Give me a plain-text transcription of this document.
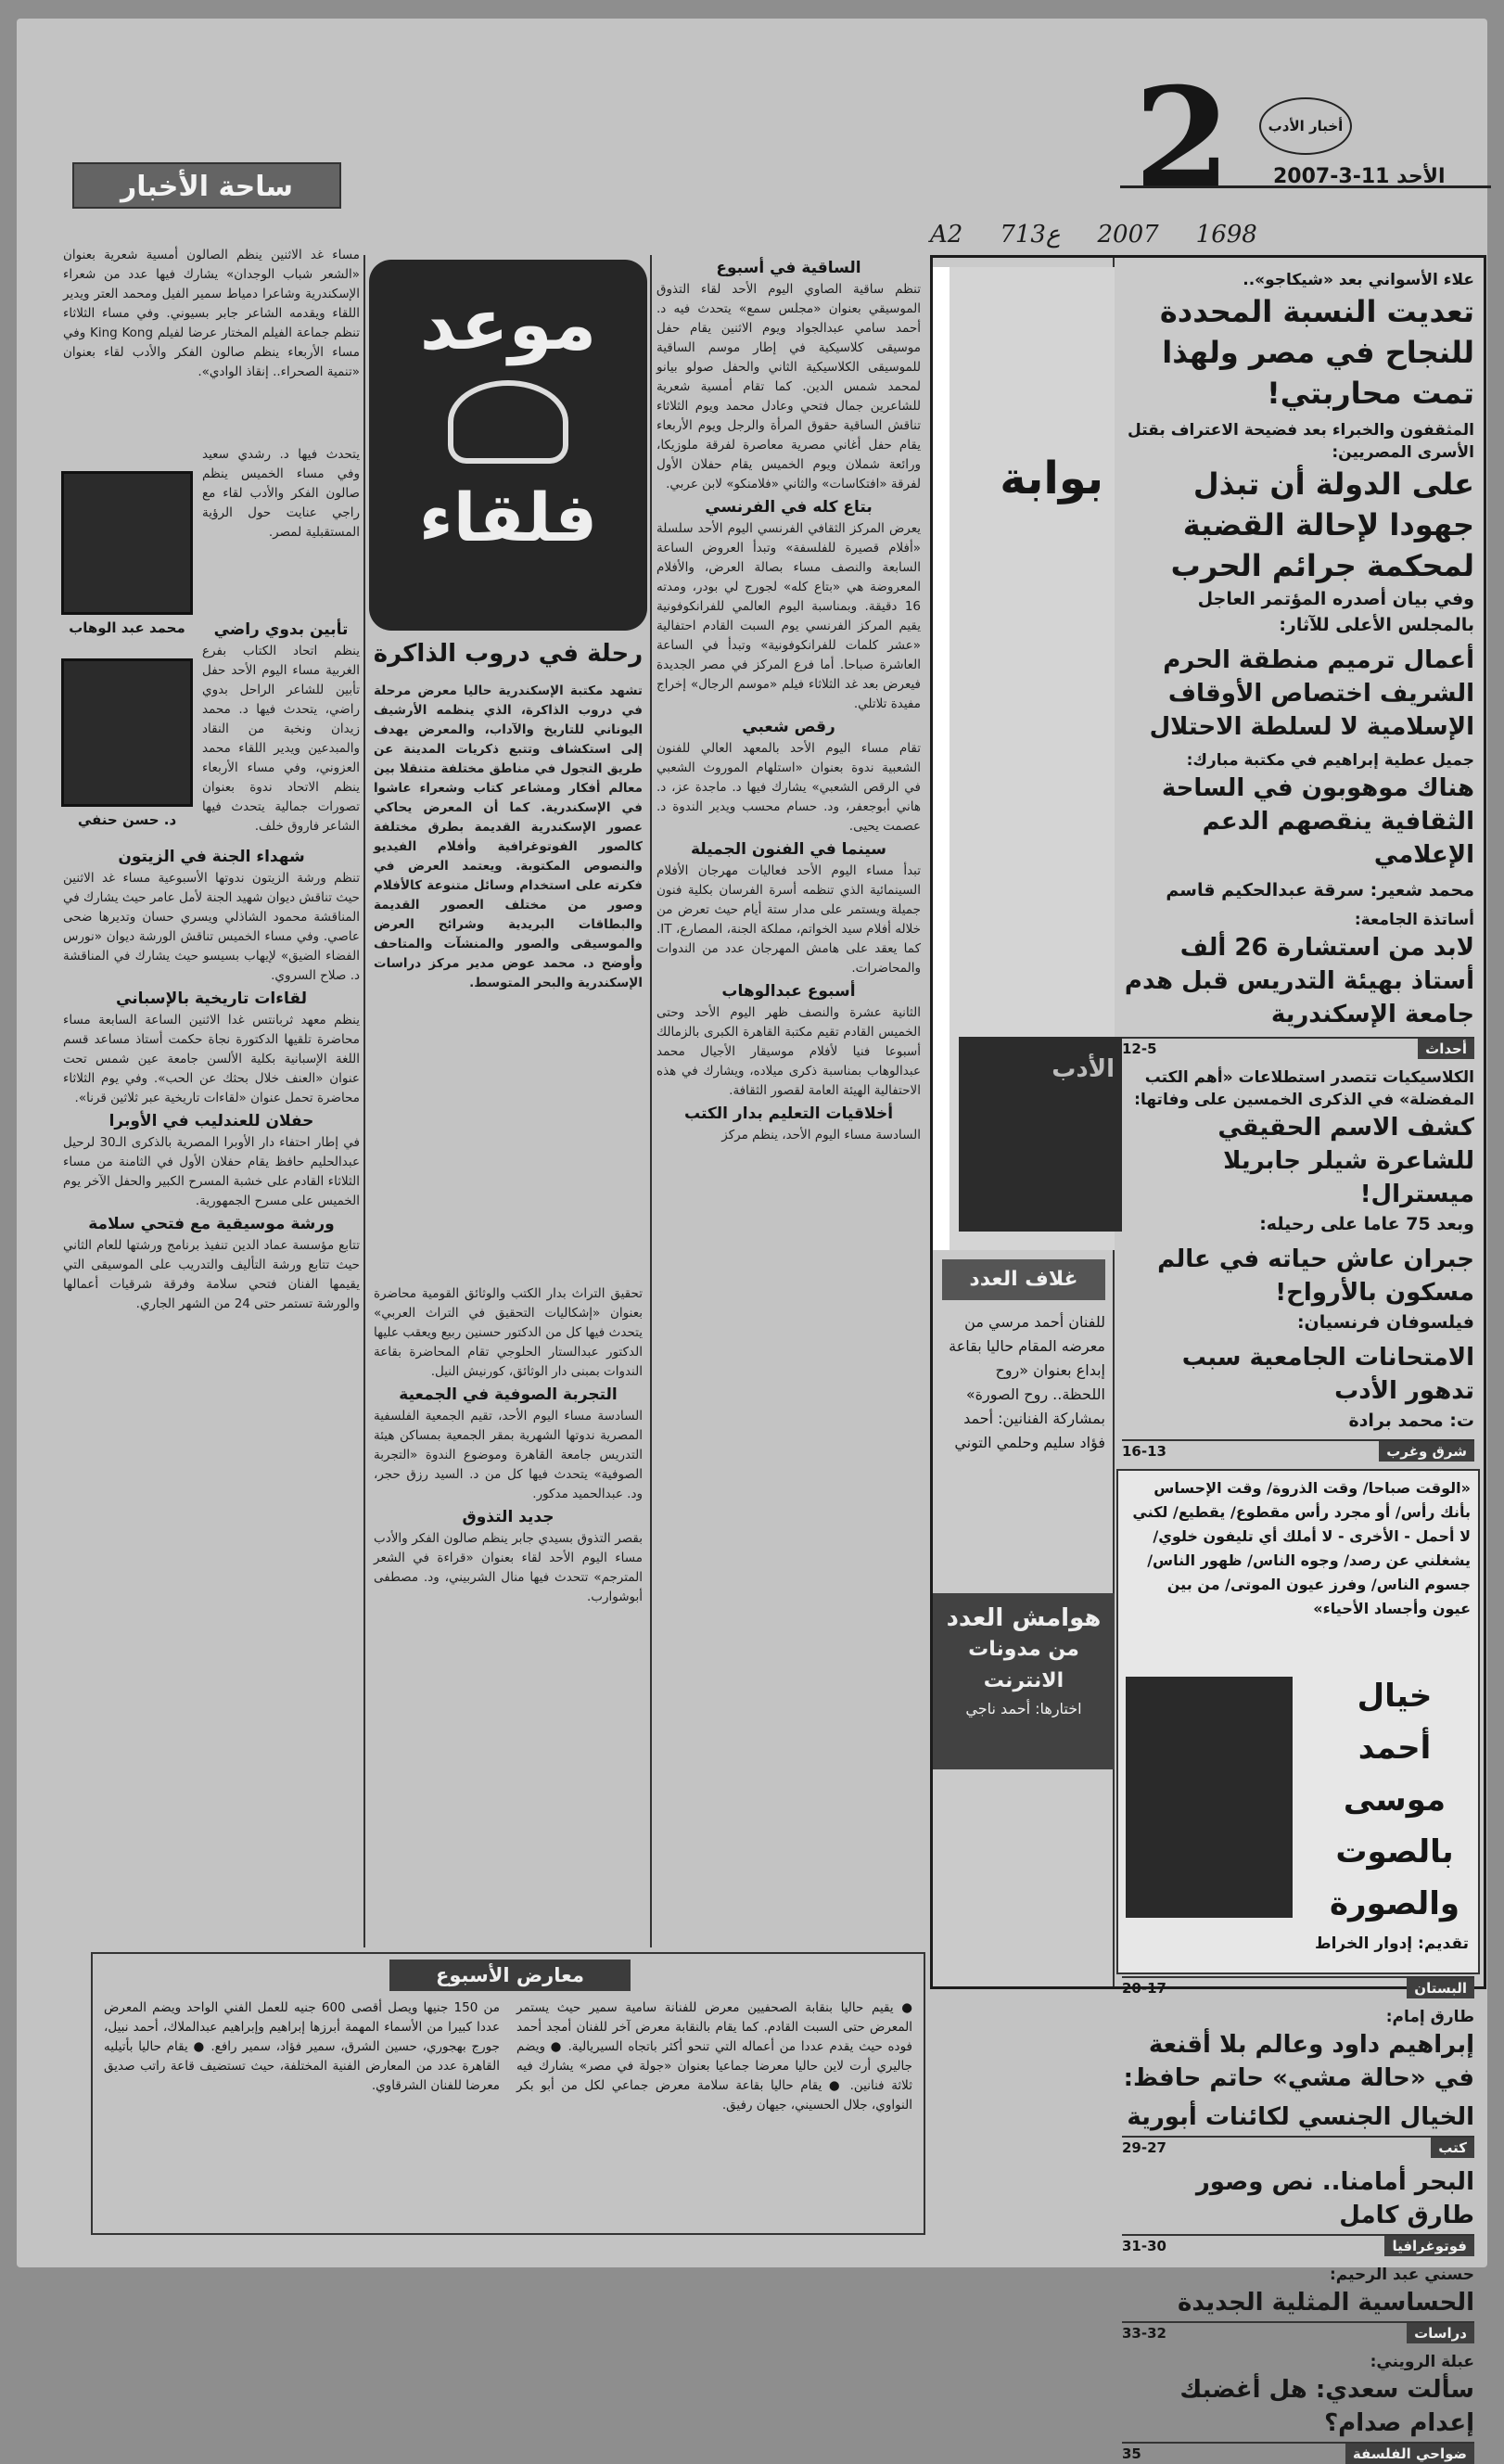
أخبار الأدب
2 الأحد 11-3-2007
ساحة الأخبار
A2 713ع 2007 1698
علاء الأسواني بعد «شيكاجو»..
تعديت النسبة المحددة للنجاح في مصر ولهذا تمت محاربتي!
المثقفون والخبراء بعد فضيحة الاعتراف بقتل الأسرى المصريين:
على الدولة أن تبذل جهودا لإحالة القضية لمحكمة جرائم الحرب
وفي بيان أصدره المؤتمر العاجل بالمجلس الأعلى للآثار:
أعمال ترميم منطقة الحرم الشريف اختصاص الأوقاف الإسلامية لا لسلطة الاحتلال
جميل عطية إبراهيم في مكتبة مبارك:
هناك موهوبون في الساحة الثقافية ينقصهم الدعم الإعلامي
محمد شعير: سرقة عبدالحكيم قاسم
أساتذة الجامعة:
لابد من استشارة 26 ألف أستاذ بهيئة التدريس قبل هدم جامعة الإسكندرية
12-5	أحداث
الكلاسيكيات تتصدر استطلاعات «أهم الكتب المفضلة» في الذكرى الخمسين على وفاتها:
كشف الاسم الحقيقي للشاعرة شيلر جابريلا ميسترال!
وبعد 75 عاما على رحيله:
جبران عاش حياته في عالم مسكون بالأرواح!
فيلسوفان فرنسيان:
الامتحانات الجامعية سبب تدهور الأدب
ت: محمد برادة
16-13	شرق وغرب
«الوقت صباحا/ وقت الذروة/ وقت الإحساس بأنك رأس/ أو مجرد رأس مقطوع/ يقطيع/ لكني لا أحمل - الأخرى - لا أملك أي تليفون خلوي/ يشغلني عن رصد/ وجوه الناس/ ظهور الناس/ جسوم الناس/ وفرز عيون الموتى/ من بين عيون وأجساد الأحياء»
خيال أحمد موسى بالصوت والصورة
تقديم: إدوار الخراط
20-17	البستان
طارق إمام:
إبراهيم داود وعالم بلا أقنعة في «حالة مشي» حاتم حافظ:
الخيال الجنسي لكائنات أبورية
29-27	كتب
البحر أمامنا.. نص وصور طارق كامل
31-30	فوتوغرافيا
حسني عبد الرحيم:
الحساسية المثلية الجديدة
33-32	دراسات
عبلة الرويني:
سألت سعدي: هل أغضبك إعدام صدام؟
35	ضواحي الفلسفة
بوابة
الأدب
غلاف العدد
للفنان أحمد مرسي من معرضه المقام حاليا بقاعة إبداع بعنوان «روح اللحظة.. روح الصورة» بمشاركة الفنانين: أحمد فؤاد سليم وحلمي التوني
هوامش العدد
من مدونات الانترنت
اختارها: أحمد ناجي
الساقية في أسبوع
تنظم ساقية الصاوي اليوم الأحد لقاء التذوق الموسيقي بعنوان «مجلس سمع» يتحدث فيه د. أحمد سامي عبدالجواد ويوم الاثنين يقام حفل موسيقى كلاسيكية في إطار موسم الساقية للموسيقى الكلاسيكية الثاني والحفل صولو بيانو لمحمد شمس الدين. كما تقام أمسية شعرية للشاعرين جمال فتحي وعادل محمد ويوم الثلاثاء تناقش الساقية حقوق المرأة والرجل ويوم الأربعاء يقام حفل أغاني مصرية معاصرة لفرقة ملوزيكا، ورائعة شملان ويوم الخميس يقام حفلان الأول لفرقة «افتكاسات» والثاني «فلامنكو» لابن عربي.
بتاع كله في الفرنسي
يعرض المركز الثقافي الفرنسي اليوم الأحد سلسلة «أفلام قصيرة للفلسفة» وتبدأ العروض الساعة السابعة والنصف مساء بصالة العرض، والأفلام المعروضة هي «بتاع كله» لجورج لي بودر، ومدته 16 دقيقة. وبمناسبة اليوم العالمي للفرانكوفونية يقيم المركز الفرنسي يوم السبت القادم احتفالية «عشر كلمات للفرانكوفونية» وتبدأ في الساعة العاشرة صباحا. أما فرع المركز في مصر الجديدة فيعرض بعد غد الثلاثاء فيلم «موسم الرجال» إخراج مفيدة تلاتلي.
رقص شعبي
تقام مساء اليوم الأحد بالمعهد العالي للفنون الشعبية ندوة بعنوان «استلهام الموروث الشعبي في الرقص الشعبي» يشارك فيها د. ماجدة عز، د. هاني أبوجعفر، ود. حسام محسب ويدير الندوة د. عصمت يحيى.
سينما في الفنون الجميلة
تبدأ مساء اليوم الأحد فعاليات مهرجان الأفلام السينمائية الذي تنظمه أسرة الفرسان بكلية فنون جميلة ويستمر على مدار ستة أيام حيث تعرض من خلاله أفلام سيد الخواتم، مملكة الجنة، المصارع، IT. كما يعقد على هامش المهرجان عدد من الندوات والمحاضرات.
أسبوع عبدالوهاب
الثانية عشرة والنصف ظهر اليوم الأحد وحتى الخميس القادم تقيم مكتبة القاهرة الكبرى بالزمالك أسبوعا فنيا لأفلام موسيقار الأجيال محمد عبدالوهاب بمناسبة ذكرى ميلاده، ويشارك في هذه الاحتفالية الهيئة العامة لقصور الثقافة.
أخلاقيات التعليم بدار الكتب
السادسة مساء اليوم الأحد، ينظم مركز
موعد
فلقاء
رحلة في دروب الذاكرة
تشهد مكتبة الإسكندرية حاليا معرض مرحلة في دروب الذاكرة، الذي ينظمه الأرشيف اليوناني للتاريخ والآداب، والمعرض يهدف إلى استكشاف وتتبع ذكريات المدينة عن طريق التجول في مناطق مختلفة متنقلا بين معالم أفكار ومشاعر كتاب وشعراء عاشوا في الإسكندرية. كما أن المعرض يحاكي عصور الإسكندرية القديمة بطرق مختلفة كالصور الفوتوغرافية وأفلام الفيديو والنصوص المكتوبة. ويعتمد العرض في فكرته على استخدام وسائل متنوعة كالأفلام وصور من مختلف العصور القديمة والبطاقات البريدية وشرائح العرض والموسيقى والصور والمنشآت والمتاحف وأوضح د. محمد عوض مدير مركز دراسات الإسكندرية والبحر المتوسط.
تحقيق التراث بدار الكتب والوثائق القومية محاضرة بعنوان «إشكاليات التحقيق في التراث العربي» يتحدث فيها كل من الدكتور حسنين ربيع ويعقب عليها الدكتور عبدالستار الحلوجي تقام المحاضرة بقاعة الندوات بمبنى دار الوثائق، كورنيش النيل.
التجربة الصوفية في الجمعية
السادسة مساء اليوم الأحد، تقيم الجمعية الفلسفية المصرية ندوتها الشهرية بمقر الجمعية بمساكن هيئة التدريس جامعة القاهرة وموضوع الندوة «التجربة الصوفية» يتحدث فيها كل من د. السيد رزق حجر، ود. عبدالحميد مدكور.
جديد التذوق
بقصر التذوق بسيدي جابر ينظم صالون الفكر والأدب مساء اليوم الأحد لقاء بعنوان «قراءة في الشعر المترجم» تتحدث فيها منال الشربيني، ود. مصطفى أبوشوارب.
مساء غد الاثنين ينظم الصالون أمسية شعرية بعنوان «الشعر شباب الوجدان» يشارك فيها عدد من شعراء الإسكندرية وشاعرا دمياط سمير الفيل ومحمد العتر ويدير اللقاء ويقدمه الشاعر جابر بسيوني. وفي مساء الثلاثاء تنظم جماعة الفيلم المختار عرضا لفيلم King Kong وفي مساء الأربعاء ينظم صالون الفكر والأدب لقاء بعنوان «تنمية الصحراء.. إنقاذ الوادي».
محمد عبد الوهاب
يتحدث فيها د. رشدي سعيد وفي مساء الخميس ينظم صالون الفكر والأدب لقاء مع راجي عنايت حول الرؤية المستقبلية لمصر.
د. حسن حنفي
تأبين بدوي راضي
ينظم اتحاد الكتاب بفرع الغربية مساء اليوم الأحد حفل تأبين للشاعر الراحل بدوي راضي، يتحدث فيها د. محمد زيدان ونخبة من النقاد والمبدعين ويدير اللقاء محمد العزوني، وفي مساء الأربعاء ينظم الاتحاد ندوة بعنوان تصورات جمالية يتحدث فيها الشاعر فاروق خلف.
شهداء الجنة في الزيتون
تنظم ورشة الزيتون ندوتها الأسبوعية مساء غد الاثنين حيث تناقش ديوان شهيد الجنة لأمل عامر حيث يشارك في المناقشة محمود الشاذلي ويسري حسان وتديرها ضحى عاصي. وفي مساء الخميس تناقش الورشة ديوان «نورس الفضاء الضيق» لإيهاب بسيسو حيث يشارك في المناقشة د. صلاح السروي.
لقاءات تاريخية بالإسباني
ينظم معهد ثربانتس غدا الاثنين الساعة السابعة مساء محاضرة تلقيها الدكتورة نجاة حكمت أستاذ مساعد قسم اللغة الإسبانية بكلية الألسن جامعة عين شمس تحت عنوان «العنف خلال بحثك عن الحب». وفي يوم الثلاثاء محاضرة تحمل عنوان «لقاءات تاريخية عبر ثلاثين قرنا».
حفلان للعندليب في الأوبرا
في إطار احتفاء دار الأوبرا المصرية بالذكرى الـ30 لرحيل عبدالحليم حافظ يقام حفلان الأول في الثامنة من مساء الثلاثاء القادم على خشبة المسرح الكبير والحفل الآخر يوم الخميس على مسرح الجمهورية.
ورشة موسيقية مع فتحي سلامة
تتابع مؤسسة عماد الدين تنفيذ برنامج ورشتها للعام الثاني حيث تتابع ورشة التأليف والتدريب على الموسيقى التي يقيمها الفنان فتحي سلامة وفرقة شرقيات أعمالها والورشة تستمر حتى 24 من الشهر الجاري.
معارض الأسبوع
● يقيم حاليا بنقابة الصحفيين معرض للفنانة سامية سمير حيث يستمر المعرض حتى السبت القادم. كما يقام بالنقابة معرض آخر للفنان أمجد أحمد فوده حيث يقدم عددا من أعماله التي تنحو أكثر باتجاه السيريالية. ● ويضم جاليري أرت لاين حاليا معرضا جماعيا بعنوان «جولة في مصر» يشارك فيه ثلاثة فنانين. ● يقام حاليا بقاعة سلامة معرض جماعي لكل من أبو بكر النواوي، جلال الحسيني، جيهان رفيق.
من 150 جنيها ويصل أقصى 600 جنيه للعمل الفني الواحد ويضم المعرض عددا كبيرا من الأسماء المهمة أبرزها إبراهيم وإبراهيم عبدالملاك، أحمد نبيل، جورج بهجوري، حسين الشرق، سمير فؤاد، سمير رافع. ● يقام حاليا بأتيليه القاهرة عدد من المعارض الفنية المختلفة، حيث تستضيف قاعة راتب صديق معرضا للفنان الشرقاوي.
